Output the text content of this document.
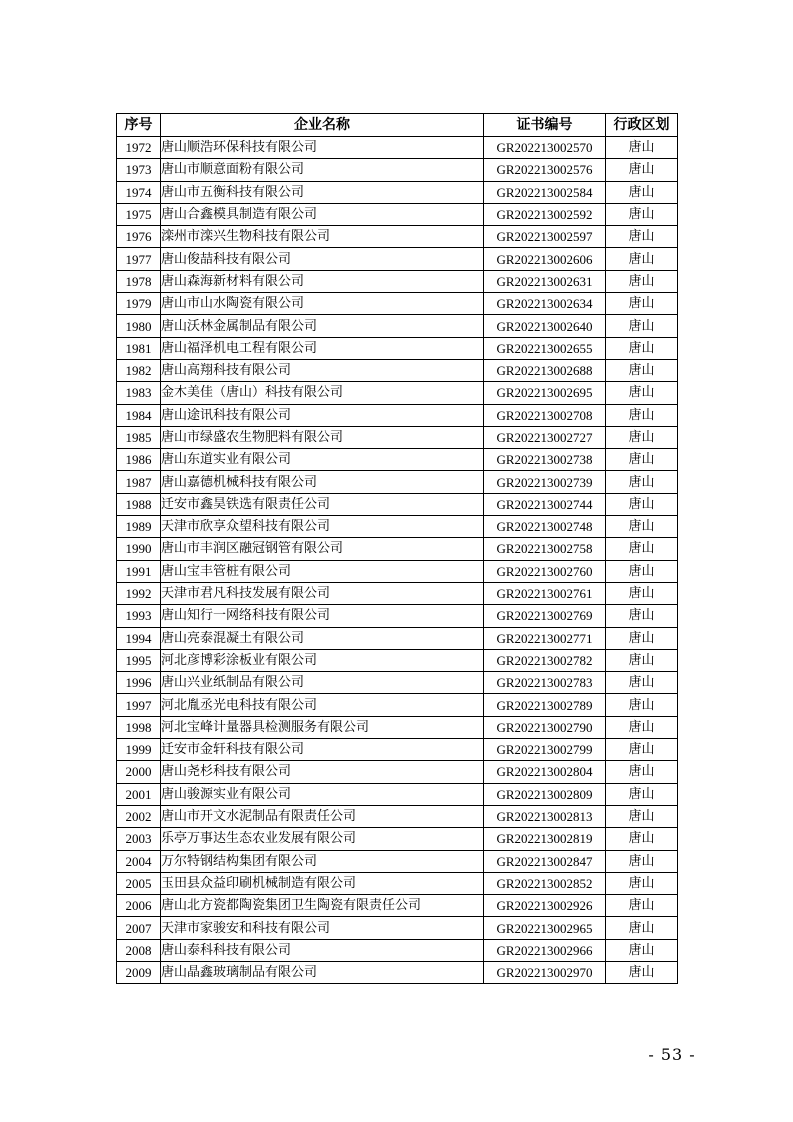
序号	企业名称	证书编号	行政区划
1972	唐山顺浩环保科技有限公司	GR202213002570	唐山
1973	唐山市顺意面粉有限公司	GR202213002576	唐山
1974	唐山市五衡科技有限公司	GR202213002584	唐山
1975	唐山合鑫模具制造有限公司	GR202213002592	唐山
1976	滦州市滦兴生物科技有限公司	GR202213002597	唐山
1977	唐山俊喆科技有限公司	GR202213002606	唐山
1978	唐山森海新材料有限公司	GR202213002631	唐山
1979	唐山市山水陶瓷有限公司	GR202213002634	唐山
1980	唐山沃林金属制品有限公司	GR202213002640	唐山
1981	唐山福泽机电工程有限公司	GR202213002655	唐山
1982	唐山高翔科技有限公司	GR202213002688	唐山
1983	金木美佳（唐山）科技有限公司	GR202213002695	唐山
1984	唐山途讯科技有限公司	GR202213002708	唐山
1985	唐山市绿盛农生物肥料有限公司	GR202213002727	唐山
1986	唐山东道实业有限公司	GR202213002738	唐山
1987	唐山嘉德机械科技有限公司	GR202213002739	唐山
1988	迁安市鑫昊铁选有限责任公司	GR202213002744	唐山
1989	天津市欣享众望科技有限公司	GR202213002748	唐山
1990	唐山市丰润区融冠钢管有限公司	GR202213002758	唐山
1991	唐山宝丰管桩有限公司	GR202213002760	唐山
1992	天津市君凡科技发展有限公司	GR202213002761	唐山
1993	唐山知行一网络科技有限公司	GR202213002769	唐山
1994	唐山亮泰混凝土有限公司	GR202213002771	唐山
1995	河北彦博彩涂板业有限公司	GR202213002782	唐山
1996	唐山兴业纸制品有限公司	GR202213002783	唐山
1997	河北胤丞光电科技有限公司	GR202213002789	唐山
1998	河北宝峰计量器具检测服务有限公司	GR202213002790	唐山
1999	迁安市金轩科技有限公司	GR202213002799	唐山
2000	唐山尧杉科技有限公司	GR202213002804	唐山
2001	唐山骏源实业有限公司	GR202213002809	唐山
2002	唐山市开文水泥制品有限责任公司	GR202213002813	唐山
2003	乐亭万事达生态农业发展有限公司	GR202213002819	唐山
2004	万尔特钢结构集团有限公司	GR202213002847	唐山
2005	玉田县众益印刷机械制造有限公司	GR202213002852	唐山
2006	唐山北方瓷都陶瓷集团卫生陶瓷有限责任公司	GR202213002926	唐山
2007	天津市家骏安和科技有限公司	GR202213002965	唐山
2008	唐山泰科科技有限公司	GR202213002966	唐山
2009	唐山晶鑫玻璃制品有限公司	GR202213002970	唐山
- 53 -
